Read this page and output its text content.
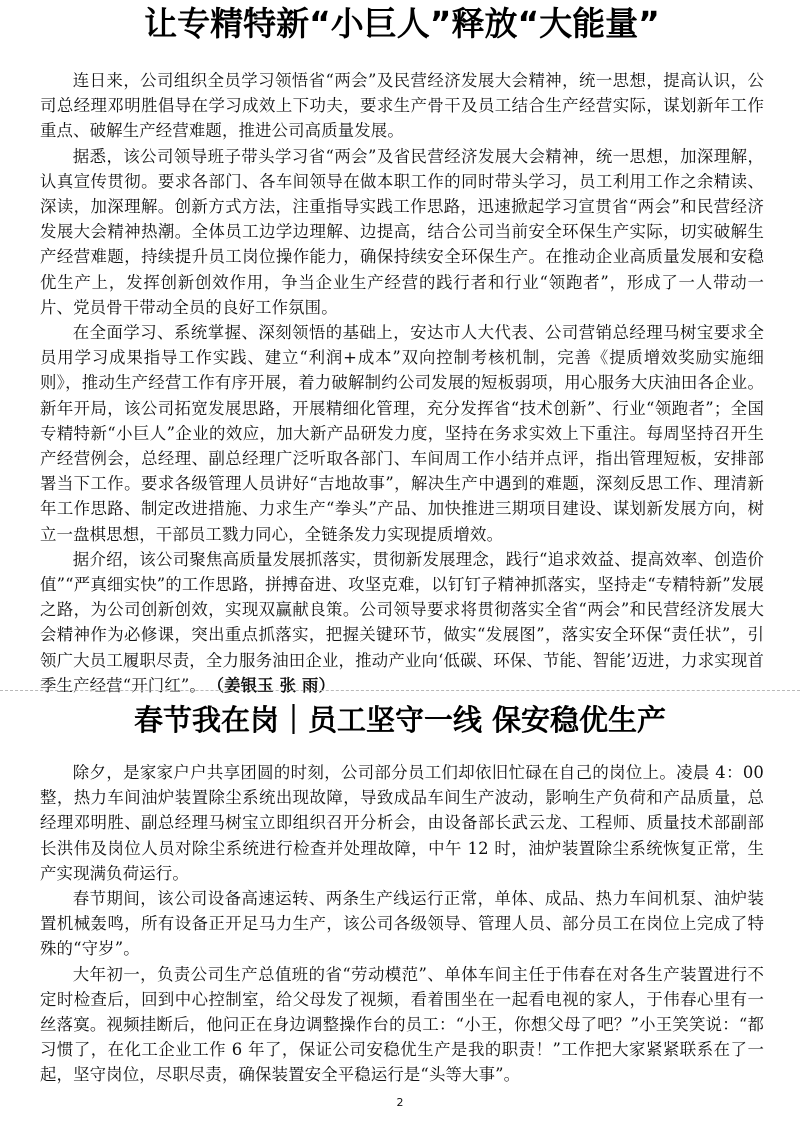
让专精特新“小巨人”释放“大能量”

连日来，公司组织全员学习领悟省“两会”及民营经济发展大会精神，统一思想，提高认识，公司总经理邓明胜倡导在学习成效上下功夫，要求生产骨干及员工结合生产经营实际，谋划新年工作重点、破解生产经营难题，推进公司高质量发展。

据悉，该公司领导班子带头学习省“两会”及省民营经济发展大会精神，统一思想，加深理解，认真宣传贯彻。要求各部门、各车间领导在做本职工作的同时带头学习，员工利用工作之余精读、深读，加深理解。创新方式方法，注重指导实践工作思路，迅速掀起学习宣贯省“两会”和民营经济发展大会精神热潮。全体员工边学边理解、边提高，结合公司当前安全环保生产实际，切实破解生产经营难题，持续提升员工岗位操作能力，确保持续安全环保生产。在推动企业高质量发展和安稳优生产上，发挥创新创效作用，争当企业生产经营的践行者和行业“领跑者”，形成了一人带动一片、党员骨干带动全员的良好工作氛围。

在全面学习、系统掌握、深刻领悟的基础上，安达市人大代表、公司营销总经理马树宝要求全员用学习成果指导工作实践、建立“利润+成本”双向控制考核机制，完善《提质增效奖励实施细则》，推动生产经营工作有序开展，着力破解制约公司发展的短板弱项，用心服务大庆油田各企业。新年开局，该公司拓宽发展思路，开展精细化管理，充分发挥省“技术创新”、行业“领跑者”；全国专精特新“小巨人”企业的效应，加大新产品研发力度，坚持在务求实效上下重注。每周坚持召开生产经营例会，总经理、副总经理广泛听取各部门、车间周工作小结并点评，指出管理短板，安排部署当下工作。要求各级管理人员讲好“吉地故事”，解决生产中遇到的难题，深刻反思工作、理清新年工作思路、制定改进措施、力求生产“拳头”产品、加快推进三期项目建设、谋划新发展方向，树立一盘棋思想，干部员工戮力同心，全链条发力实现提质增效。

据介绍，该公司聚焦高质量发展抓落实，贯彻新发展理念，践行“追求效益、提高效率、创造价值”“严真细实快”的工作思路，拼搏奋进、攻坚克难，以钉钉子精神抓落实，坚持走“专精特新”发展之路，为公司创新创效，实现双赢献良策。公司领导要求将贯彻落实全省“两会”和民营经济发展大会精神作为必修课，突出重点抓落实，把握关键环节，做实“发展图”，落实安全环保“责任状”，引领广大员工履职尽责，全力服务油田企业，推动产业向‘低碳、环保、节能、智能’迈进，力求实现首季生产经营“开门红”。 （姜银玉 张 雨）

春节我在岗｜员工坚守一线 保安稳优生产

除夕，是家家户户共享团圆的时刻，公司部分员工们却依旧忙碌在自己的岗位上。凌晨 4：00 整，热力车间油炉装置除尘系统出现故障，导致成品车间生产波动，影响生产负荷和产品质量，总经理邓明胜、副总经理马树宝立即组织召开分析会，由设备部长武云龙、工程师、质量技术部副部长洪伟及岗位人员对除尘系统进行检查并处理故障，中午 12 时，油炉装置除尘系统恢复正常，生产实现满负荷运行。

春节期间，该公司设备高速运转、两条生产线运行正常，单体、成品、热力车间机泵、油炉装置机械轰鸣，所有设备正开足马力生产，该公司各级领导、管理人员、部分员工在岗位上完成了特殊的“守岁”。

大年初一，负责公司生产总值班的省“劳动模范”、单体车间主任于伟春在对各生产装置进行不定时检查后，回到中心控制室，给父母发了视频，看着围坐在一起看电视的家人，于伟春心里有一丝落寞。视频挂断后，他问正在身边调整操作台的员工：“小王，你想父母了吧？”小王笑笑说：“都习惯了，在化工企业工作 6 年了，保证公司安稳优生产是我的职责！”工作把大家紧紧联系在了一起，坚守岗位，尽职尽责，确保装置安全平稳运行是“头等大事”。

2
